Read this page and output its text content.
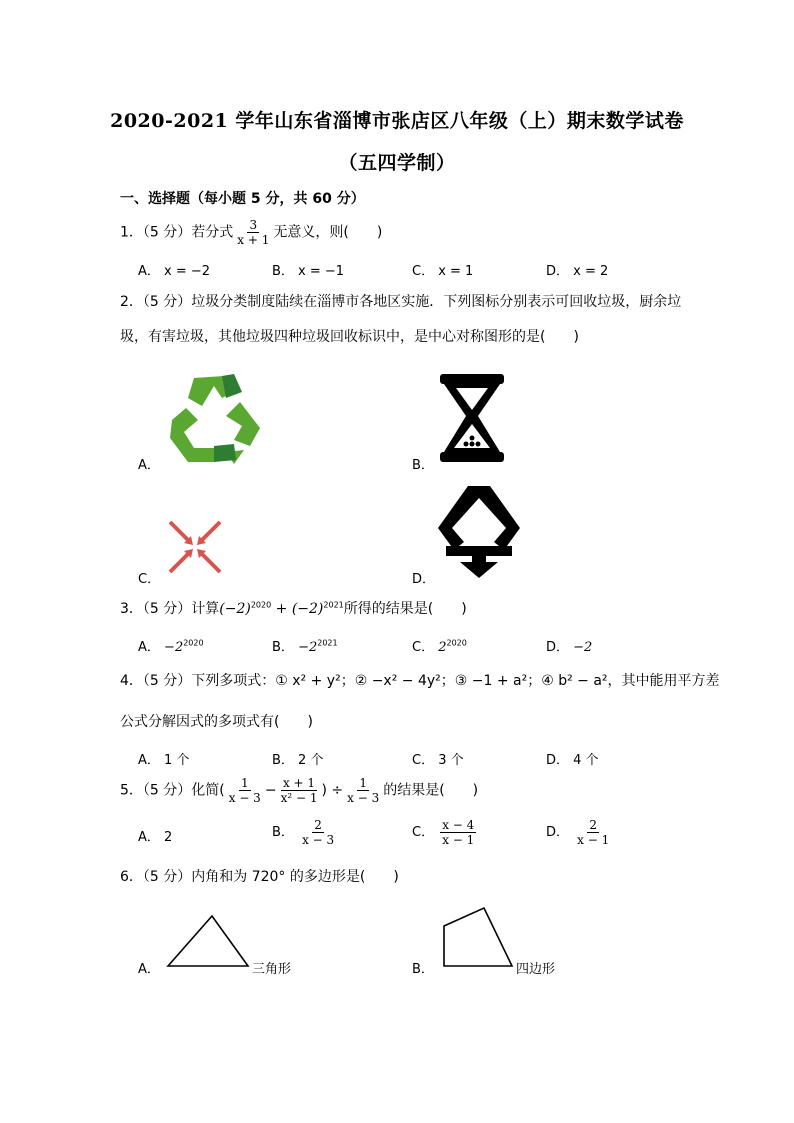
2020-2021 学年山东省淄博市张店区八年级（上）期末数学试卷
（五四学制）
一、选择题（每小题 5 分，共 60 分）
1．（5 分）若分式 $\frac{3}{x + 1}$ 无意义，则(　　)
A． x = −2	B． x = −1	C． x = 1	D． x = 2
2．（5 分）垃圾分类制度陆续在淄博市各地区实施．下列图标分别表示可回收垃圾，厨余垃
圾，有害垃圾，其他垃圾四种垃圾回收标识中，是中心对称图形的是(　　)
A．	B．
C．	D．
3．（5 分）计算$(-2)^{2020} + (-2)^{2021}$所得的结果是(　　)
A． $-2^{2020}$	B． $-2^{2021}$	C． $2^{2020}$	D． −2
4．（5 分）下列多项式：① x² + y²；② −x² − 4y²；③ −1 + a²；④ b² − a²，其中能用平方差
公式分解因式的多项式有(　　)
A． 1 个	B． 2 个	C． 3 个	D． 4 个
5．（5 分）化简( $\frac{1}{x - 3} - \frac{x + 1}{\text{x² − 1}}$ ) ÷ $\frac{1}{x - 3}$ 的结果是(　　)
A． 2	B． $\frac{2}{x - 3}$	C． $\frac{x - 4}{x - 1}$	D． $\frac{2}{x - 1}$
6．（5 分）内角和为 720° 的多边形是(　　)
A．	三角形	B．	四边形
